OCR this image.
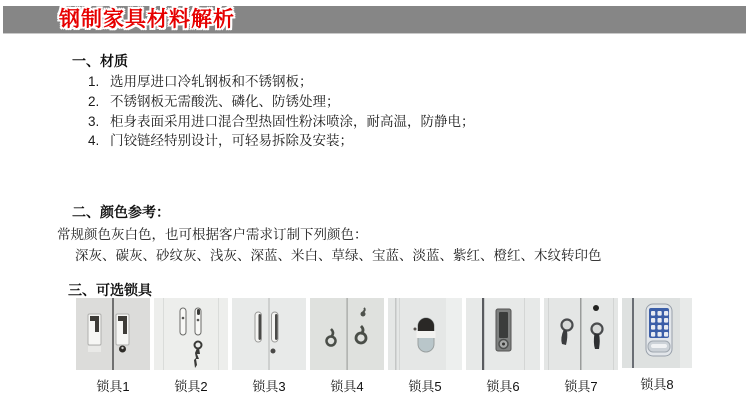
钢制家具材料解析
一、材质
1. 选用厚进口冷轧钢板和不锈钢板；
2. 不锈钢板无需酸洗、磷化、防锈处理；
3. 柜身表面采用进口混合型热固性粉沫喷涂，耐高温，防静电；
4. 门铰链经特别设计，可轻易拆除及安装；
二、颜色参考：
常规颜色灰白色，也可根据客户需求订制下列颜色：
深灰、碳灰、砂纹灰、浅灰、深蓝、米白、草绿、宝蓝、淡蓝、紫红、橙红、木纹转印色
三、可选锁具
锁具1	锁具2	锁具3	锁具4	锁具5	锁具6	锁具7	锁具8
